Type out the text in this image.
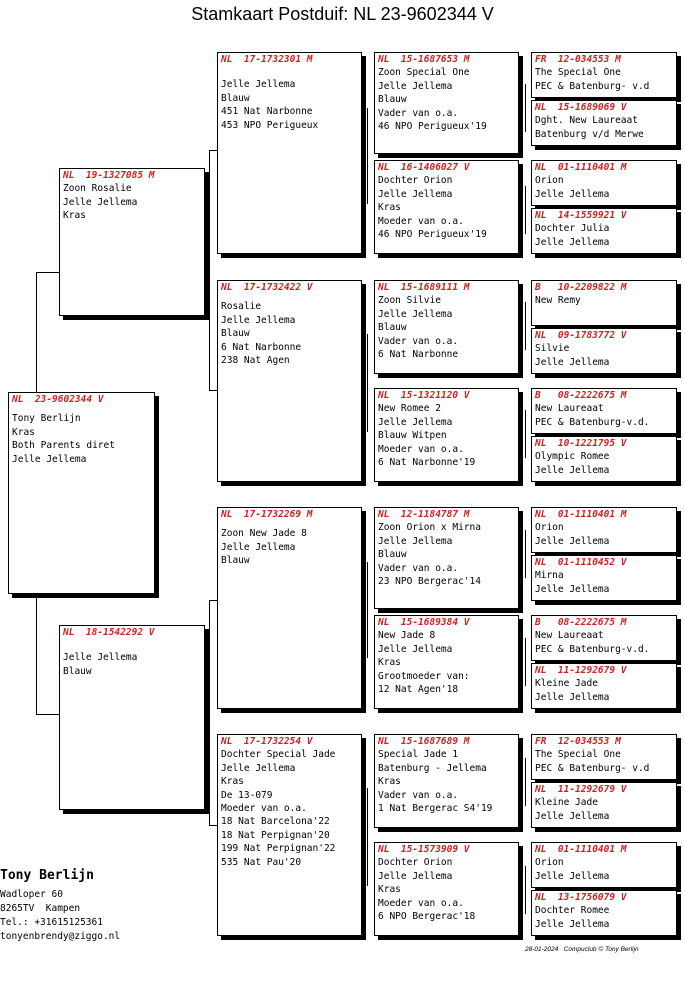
Stamkaart Postduif: NL 23-9602344 V
NL  23-9602344 V
Tony Berlijn
Kras
Both Parents diret
Jelle Jellema
NL  19-1327085 M
Zoon Rosalie
Jelle Jellema
Kras
NL  18-1542292 V
Jelle Jellema
Blauw
NL  17-1732301 M
Jelle Jellema
Blauw
451 Nat Narbonne
453 NPO Perigueux
NL  17-1732422 V
Rosalie
Jelle Jellema
Blauw
6 Nat Narbonne
238 Nat Agen
NL  17-1732269 M
Zoon New Jade 8
Jelle Jellema
Blauw
NL  17-1732254 V
Dochter Special Jade
Jelle Jellema
Kras
De 13-079
Moeder van o.a.
18 Nat Barcelona'22
18 Nat Perpignan'20
199 Nat Perpignan'22
535 Nat Pau'20
NL  15-1687653 M
Zoon Special One
Jelle Jellema
Blauw
Vader van o.a.
46 NPO Perigueux'19
NL  16-1406027 V
Dochter Orion
Jelle Jellema
Kras
Moeder van o.a.
46 NPO Perigueux'19
NL  15-1689111 M
Zoon Silvie
Jelle Jellema
Blauw
Vader van o.a.
6 Nat Narbonne
NL  15-1321120 V
New Romee 2
Jelle Jellema
Blauw Witpen
Moeder van o.a.
6 Nat Narbonne'19
NL  12-1184787 M
Zoon Orion x Mirna
Jelle Jellema
Blauw
Vader van o.a.
23 NPO Bergerac'14
NL  15-1689384 V
New Jade 8
Jelle Jellema
Kras
Grootmoeder van:
12 Nat Agen'18
NL  15-1687689 M
Special Jade 1
Batenburg - Jellema
Kras
Vader van o.a.
1 Nat Bergerac S4'19
NL  15-1573909 V
Dochter Orion
Jelle Jellema
Kras
Moeder van o.a.
6 NPO Bergerac'18
FR  12-034553 M
The Special One
PEC & Batenburg- v.d
NL  15-1689069 V
Dght. New Laureaat
Batenburg v/d Merwe
NL  01-1110401 M
Orion
Jelle Jellema
NL  14-1559921 V
Dochter Julia
Jelle Jellema
B   10-2209822 M
New Remy
NL  09-1783772 V
Silvie
Jelle Jellema
B   08-2222675 M
New Laureaat
PEC & Batenburg-v.d.
NL  10-1221795 V
Olympic Romee
Jelle Jellema
NL  01-1110401 M
Orion
Jelle Jellema
NL  01-1110452 V
Mirna
Jelle Jellema
B   08-2222675 M
New Laureaat
PEC & Batenburg-v.d.
NL  11-1292679 V
Kleine Jade
Jelle Jellema
FR  12-034553 M
The Special One
PEC & Batenburg- v.d
NL  11-1292679 V
Kleine Jade
Jelle Jellema
NL  01-1110401 M
Orion
Jelle Jellema
NL  13-1756079 V
Dochter Romee
Jelle Jellema
Tony Berlijn
Wadloper 60
8265TV  Kampen
Tel.: +31615125361
tonyenbrendy@ziggo.nl
28-01-2024   Compuclub © Tony Berlijn
